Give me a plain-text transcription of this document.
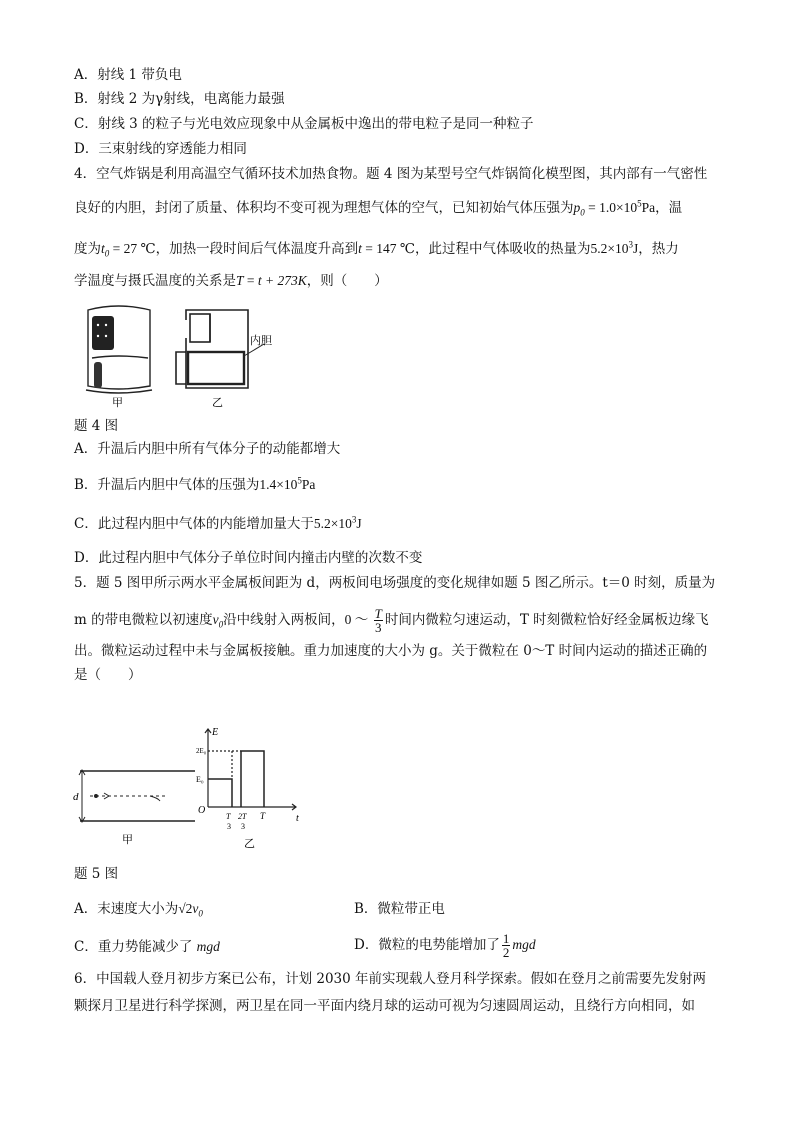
A．射线 1 带负电
B．射线 2 为γ射线，电离能力最强
C．射线 3 的粒子与光电效应现象中从金属板中逸出的带电粒子是同一种粒子
D．三束射线的穿透能力相同
4．空气炸锅是利用高温空气循环技术加热食物。题 4 图为某型号空气炸锅简化模型图，其内部有一气密性
良好的内胆，封闭了质量、体积均不变可视为理想气体的空气，已知初始气体压强为$p_0 = 1.0\times 10^5Pa$，温
度为$t_0 = 27$ ℃，加热一段时间后气体温度升高到t = 147 ℃，此过程中气体吸收的热量为$5.2\times 10^3J$，热力
学温度与摄氏温度的关系是T = t + 273K，则（　　）
内胆
甲	乙
题 4 图
A．升温后内胆中所有气体分子的动能都增大
B．升温后内胆中气体的压强为$1.4\times 10^5Pa$
C．此过程内胆中气体的内能增加量大于$5.2\times 10^3J$
D．此过程内胆中气体分子单位时间内撞击内壁的次数不变
5．题 5 图甲所示两水平金属板间距为 d，两板间电场强度的变化规律如题 5 图乙所示。t＝0 时刻，质量为
m 的带电微粒以初速度$v_0$沿中线射入两板间，0 ～ $\frac{T}{3}$ 时间内微粒匀速运动，T 时刻微粒恰好经金属板边缘飞
出。微粒运动过程中未与金属板接触。重力加速度的大小为 g。关于微粒在 0～T 时间内运动的描述正确的
是（　　）
d
甲
E
t
O
E₀
2E₀
T
3
2T
3
T
乙
题 5 图
A．末速度大小为$√2v_0$	B．微粒带正电
C．重力势能减少了 mgd	D．微粒的电势能增加了 $\frac{1}{2}$ mgd
6．中国载人登月初步方案已公布，计划 2030 年前实现载人登月科学探索。假如在登月之前需要先发射两
颗探月卫星进行科学探测，两卫星在同一平面内绕月球的运动可视为匀速圆周运动，且绕行方向相同，如
